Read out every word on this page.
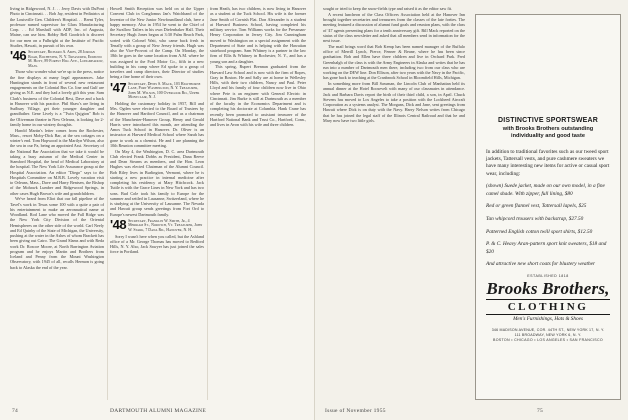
living in Ridgewood, N. J. . . Jerry Davis with DuPont Photo in Cincinnati. . . Bob Jay, resident in Pediatrics at the Louisville Gen. Children's Hospital. . . Brent Tyler, professor named supervisor for Glass Manufacturing Corp. . . Ed Marshall with ADP, Inc. of Augusta, Maine, can use him. Bobby Bell Goodrich is discreet for our men on a Fulbright at the Institute of Pacific Studies, Hawaii, in pursuit of his own.

'46 Secretary, Richard A. Ames, 28 Jordan Road, Rochester, N. Y. Treasurer, Edmund M. Hoyt, 89 Forest Hill Ave., Longmeadow, Mass.

Those who wonder what we're up to the press, notice the fine displays at many legal appearances. Jake Huntington stands in front of several new restaurant engagements on the Colonial Bus Co. line and Gulf are giving us N.E. and they had a lovely gift this year. Sam Clark's business of the Colonial Rest, Dave and a back in Hanover with his practice. Phil Shaw's are living in Sudbury Village, get their younger daughter and grandfather. Gene Lively is a "Twin Qujgton" Bob is the Oliverman theatre in New Orleans, is looking for 2-family home in our wintery thoughts.

Harold Martin's letter comes from the Rochester, Mass., resort Moby-Dick Bar, at the sea cottages on a winter's end. Tom Hopwood is the Marilyn Wilson, also the sea in our Pa, being an appointed Asst. Secretary of the National Bar Association that we take it would be taking a busy autumn of the Medical Center in Stamford Hospital, the head of Medical Laboratory at the hospital. The New York Life Assurance group at the Hospital Association. An editor "Diego" says to the Hospitals Committee on M.R.B. Lovely vacation visit to Orleans, Mass., Dave and Harry Bentsen, the Bishop of the Mohawk Lumber and Ridgewood Springs, in other cases Hugh Brown's wife and grandchildren.

We've heard from Eliot that our fall pipeline of the Tavel's work in Texas some 100 with a quite a pair of his entertainment to make an aeronautical name at Woodland. Rod Lane who moved the Fall Ridge was the New York City Division of the Oriental Hemispheres on the other side of the world. Carl Neely and Ed Quinby of the State of Michigan, the University, pushing at the water in the Ashes of whom Brackett has been giving out Cairo. The Grand Slams and with Reda work Dr. Roscoe Moore, at North Barrington Aviation program and he enjoys Martin and Brothers from Iceland and Penny from the Mount Washington Observatory, with 1945 of all, recalls Hermon is going back to Alaska the end of the year.

Howell Smith Reception was held on at the Upper Convent Club in Conglomus Jan's Watchband of the Inventor of the New Junior Newfoundland club, here a happy memory. Also in 1954 he went to the Chief of the Swallow Tailers in his own Diefenbaker Hall. Their Secretary Hugh Jones began at 3:30 Palm Beach Park, sorted with Colonel Watt, who came back fresh in Tenafly with a group of New Jersey friends. Hugh was also the Vice-Provost of the Camp. On Monday, the 18th he goes in the same location from A.M. where he was assigned to the Ford Motor Co., fifth in a new building in his camp where Ed spoke to a group of travelers and camp directors, their Director of studies being a fine home of their own.

'47 Secretary, Denis S. Mack, 103 Hawthorne Lane, Port Washington, N. Y. Treasurer, John M. Wilson, 100 Overlook Rd., Upper Montclair, N. J.

Holding the customary holiday in 1957, Bill and Mrs. Ogden were elected to the Board of Trustees by the Hanover and Hartford Council, and as a chairman of the Manchester-Hanover Group, Henry and Gerald Harris were introduced this month, are attending the Amos Tuck School in Hanover. Dr. Oliver is an instructor at Harvard Medical School where Sarah has gone to work as a chemist. He and I are planning the 10th Reunion committee meeting.

On May 4, the Washington, D. C. area Dartmouth Club elected Frank Dobbs as President, Dana Reeve and Dean Stearns as members, and the Hon. Leon Hughes was elected Chairman of the Alumni Council. Bob Riley lives in Burlington, Vermont, where he is starting a new practice in internal medicine after completing his residency at Mary Hitchcock. Jack Tuttle is with the Grace Lines in New York and has two sons. Bud Cole took his family to Europe for the summer and settled in Lausanne, Switzerland, where he is studying at the University of Lausanne. The Nevada and Hawaii group sends greetings from Fort Ord to Europe's newest Dartmouth family.

'48 Secretary, Franklin W. Smith, Jr., 4 Merriam St., Norwich, Vt. Treasurer, John W. Stark, 7 Dana Rd., Hanover, N. H.

Sorry I wasn't here when you called, but the Ashland office of a Mr. George Thomas has moved to Bedford Hills, N. Y. Also, Jack Sawyer has just joined the sales force in Portland.

from Heath, has two children, is now living in Hanover as a student at the Tuck School. His wife is the former Jane Smith of Cornish Flat. Don Alexander is a student at Harvard Business School, having completed his military service. Tom Williams works for the Pressman-Henry Corporation in Jersey City. Jim Cunningham moved to Washington on a special assignment with the Department of State and is helping with the Hawaiian statehood program. Sam Whitney is a partner in the law firm of Ellis & Whitney in Rochester, N. Y., and has a young son and a daughter.

This spring, Rupert Brennan graduated from the Harvard Law School and is now with the firm of Ropes, Gray in Boston. He and Sally are at home in Wellesley Hills, with their two children, Nancy and Paul. Peter Lloyd and his family of four children now live in Ohio where Pete is an engineer with General Electric in Cincinnati. Jim Burke is still at Dartmouth as a member of the faculty in the Economics Department and is completing his doctorate at Columbia. Hank Crane has recently been promoted to assistant treasurer of the Hartford National Bank and Trust Co., Hartford, Conn., and lives in Avon with his wife and three children.

74	DARTMOUTH ALUMNI MAGAZINE

sought or tried to keep the snow-fields type and raised it as the editor saw fit.

A recent luncheon of the Class Officers Association held at the Hanover Inn brought together secretaries and treasurers from the classes of the late forties. The meeting featured a discussion of alumni fund goals and reunion plans, with the class of '47 agents presenting plans for a tenth anniversary gift. Bill Mack reported on the status of the class newsletter and asked that all members send in information for the next issue.

The mail brings word that Bob Kemp has been named manager of the Buffalo office of Merrill Lynch, Pierce, Fenner & Beane, where he has been since graduation. Bob and Ellen have three children and live in Orchard Park. Fred Greenhalgh of the class is with the Army Engineers in Alaska and writes that he has run into a number of Dartmouth men there, including two from our class who are working on the DEW line. Don Ellison, after two years with the Navy in the Pacific, has gone back to teaching at the Cranbrook School in Bloomfield Hills, Michigan.

In something more from Bill Sassman, the Lincoln Club of Manhattan held its annual dinner at the Hotel Roosevelt with many of our classmates in attendance. Jack and Barbara Davis report the birth of their third child, a son, in April. Chuck Stevens has moved to Los Angeles to take a position with the Lockheed Aircraft Corporation as a systems analyst. The Morgans, Dick and Jane, sent greetings from Hawaii where Dick is on duty with the Navy. Harry Nelson writes from Chicago that he has joined the legal staff of the Illinois Central Railroad and that he and Mary now have two little girls.	DISTINCTIVE SPORTSWEAR
with Brooks Brothers outstanding individuality and good taste

In addition to traditional favorites such as our tweed sport jackets, Tattersall vests, and pure cashmere sweaters we have many interesting new items for active or casual sport wear, including:

(shown) Suede jacket, made on our own model, in a fine camel shade. With zipper, full lining, $80

Red or green flannel vest, Tattersall lapels, $25

Tan whipcord trousers with backstrap, $27.50

Patterned English cotton twill sport shirts, $12.50

P. & C. Heavy Aran-pattern sport knit sweaters, $18 and $20

And attractive new short coats for blustery weather

ESTABLISHED 1818
Brooks Brothers,
CLOTHING
Men's Furnishings, Hats & Shoes
346 MADISON AVENUE, COR. 44TH ST., NEW YORK 17, N. Y.
111 BROADWAY, NEW YORK 6, N. Y.
BOSTON • CHICAGO • LOS ANGELES • SAN FRANCISCO
Issue of November 1955	75
